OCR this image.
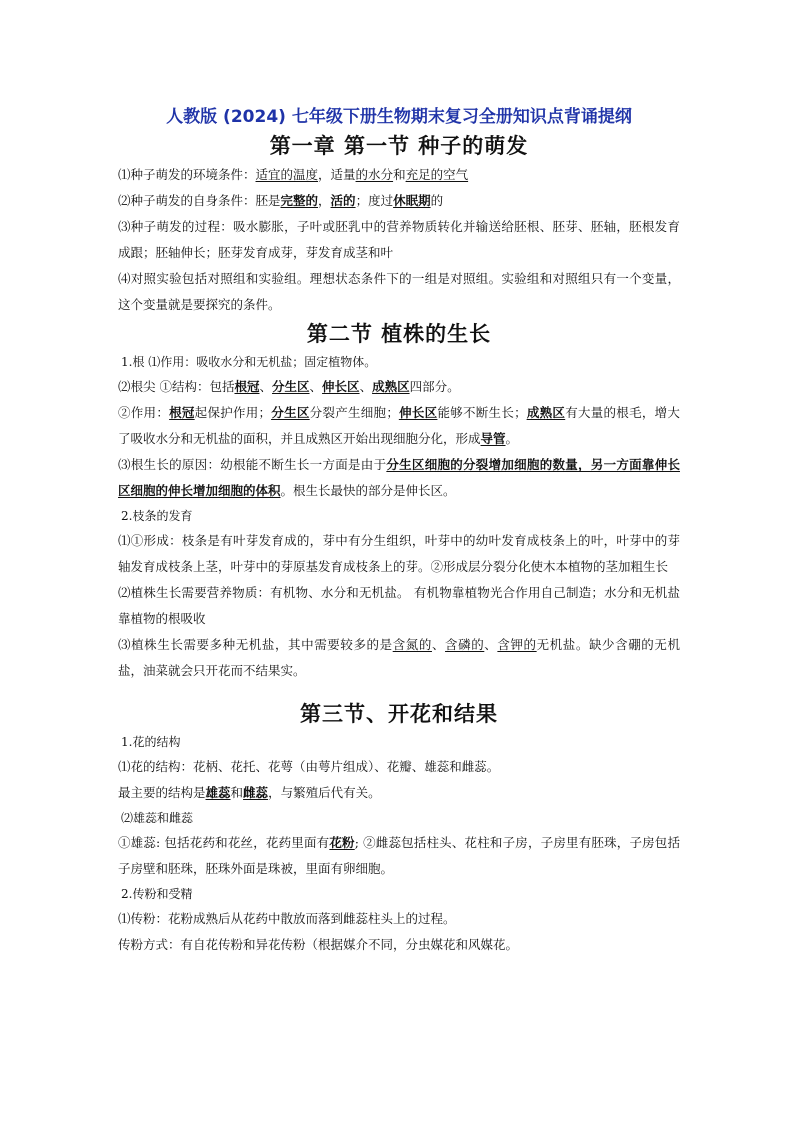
人教版 (2024) 七年级下册生物期末复习全册知识点背诵提纲

第一章 第一节 种子的萌发

⑴种子萌发的环境条件：适宜的温度，适量的水分和充足的空气

⑵种子萌发的自身条件：胚是完整的，活的；度过休眠期的

⑶种子萌发的过程：吸水膨胀，子叶或胚乳中的营养物质转化并输送给胚根、胚芽、胚轴，胚根发育成跟；胚轴伸长；胚芽发育成芽，芽发育成茎和叶

⑷对照实验包括对照组和实验组。理想状态条件下的一组是对照组。实验组和对照组只有一个变量，这个变量就是要探究的条件。

第二节 植株的生长

1.根 ⑴作用：吸收水分和无机盐；固定植物体。

⑵根尖 ①结构：包括根冠、分生区、伸长区、成熟区四部分。

②作用：根冠起保护作用；分生区分裂产生细胞；伸长区能够不断生长；成熟区有大量的根毛，增大了吸收水分和无机盐的面积，并且成熟区开始出现细胞分化，形成导管。

⑶根生长的原因：幼根能不断生长一方面是由于分生区细胞的分裂增加细胞的数量，另一方面靠伸长区细胞的伸长增加细胞的体积。根生长最快的部分是伸长区。

2.枝条的发育

⑴①形成：枝条是有叶芽发育成的，芽中有分生组织，叶芽中的幼叶发育成枝条上的叶，叶芽中的芽轴发育成枝条上茎，叶芽中的芽原基发育成枝条上的芽。②形成层分裂分化使木本植物的茎加粗生长

⑵植株生长需要营养物质：有机物、水分和无机盐。 有机物靠植物光合作用自己制造；水分和无机盐靠植物的根吸收

⑶植株生长需要多种无机盐，其中需要较多的是含氮的、含磷的、含钾的无机盐。缺少含硼的无机盐，油菜就会只开花而不结果实。

第三节、开花和结果

1.花的结构

⑴花的结构：花柄、花托、花萼（由萼片组成）、花瓣、雄蕊和雌蕊。

最主要的结构是雄蕊和雌蕊，与繁殖后代有关。

⑵雄蕊和雌蕊

①雄蕊: 包括花药和花丝，花药里面有花粉; ②雌蕊包括柱头、花柱和子房，子房里有胚珠，子房包括子房壁和胚珠，胚珠外面是珠被，里面有卵细胞。

2.传粉和受精

⑴传粉：花粉成熟后从花药中散放而落到雌蕊柱头上的过程。

传粉方式：有自花传粉和异花传粉（根据媒介不同，分虫媒花和风媒花。
